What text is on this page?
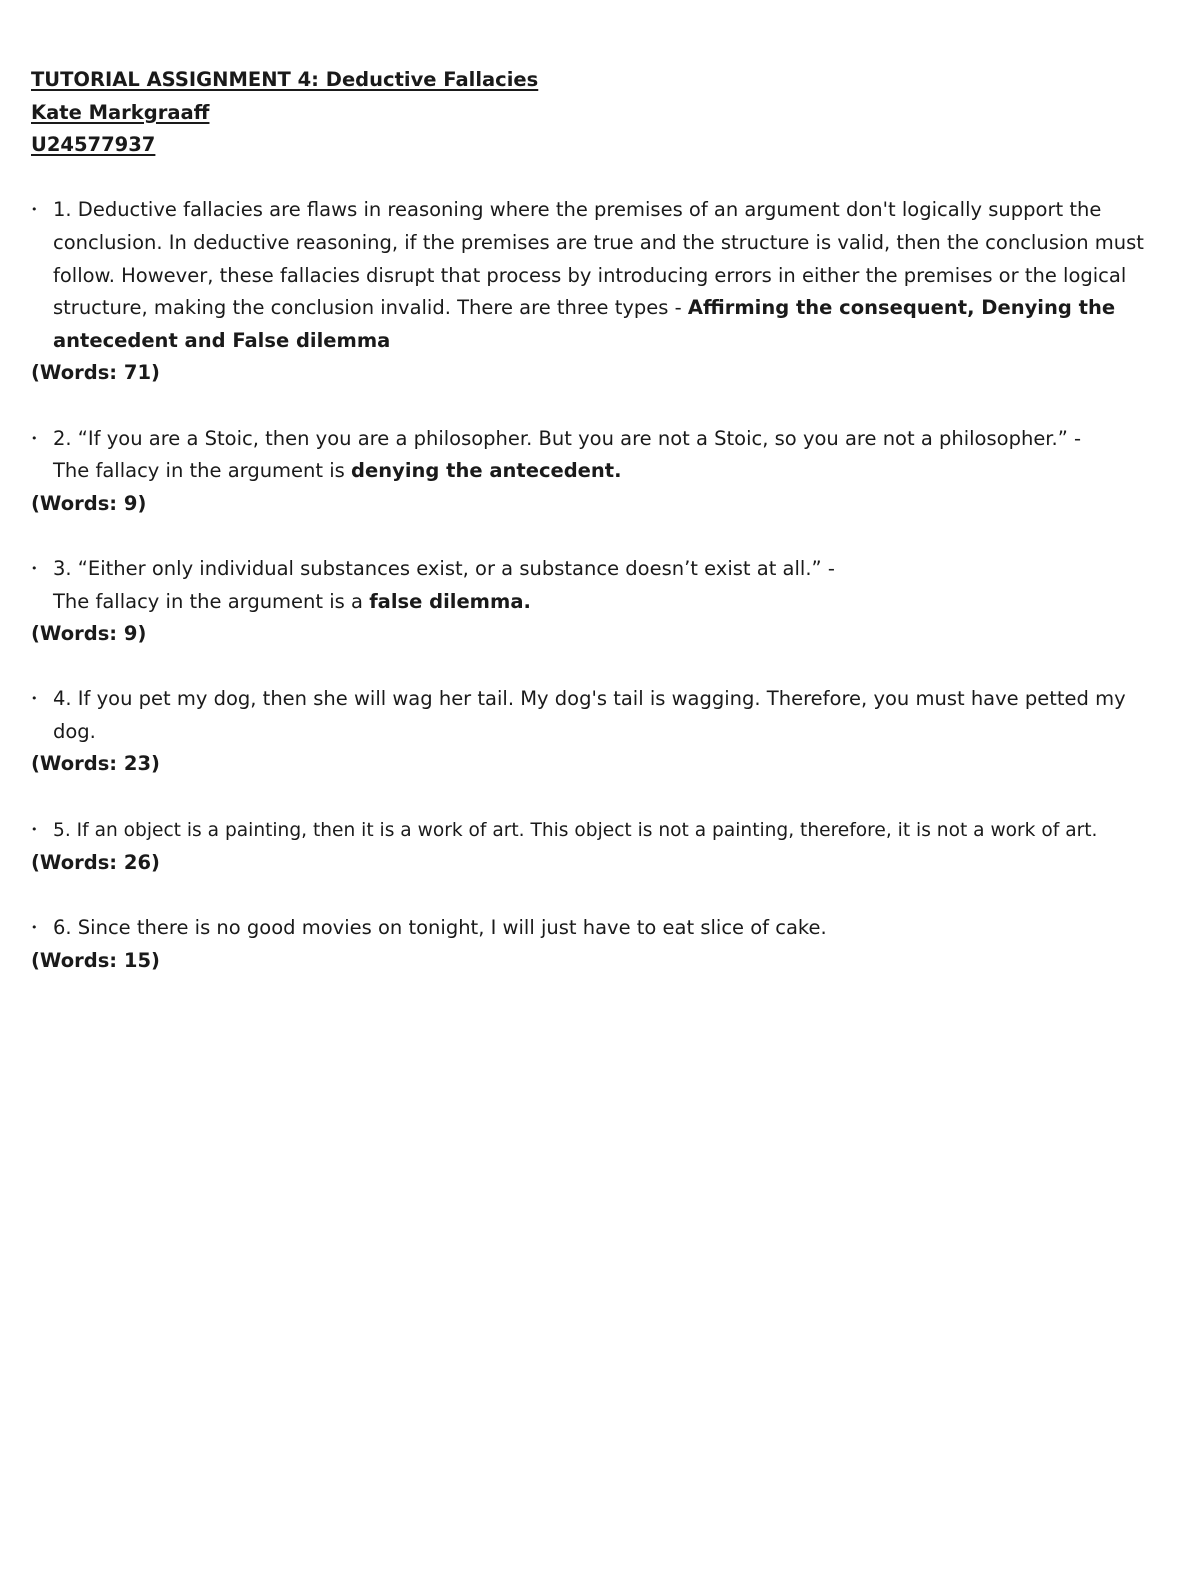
TUTORIAL ASSIGNMENT 4: Deductive Fallacies
Kate Markgraaff
U24577937
• 1. Deductive fallacies are flaws in reasoning where the premises of an argument don't logically support the conclusion. In deductive reasoning, if the premises are true and the structure is valid, then the conclusion must follow. However, these fallacies disrupt that process by introducing errors in either the premises or the logical structure, making the conclusion invalid. There are three types - Affirming the consequent, Denying the antecedent and False dilemma
(Words: 71)
• 2. “If you are a Stoic, then you are a philosopher. But you are not a Stoic, so you are not a philosopher.” -
The fallacy in the argument is denying the antecedent.
(Words: 9)
• 3. “Either only individual substances exist, or a substance doesn’t exist at all.” -
The fallacy in the argument is a false dilemma.
(Words: 9)
• 4. If you pet my dog, then she will wag her tail. My dog's tail is wagging. Therefore, you must have petted my dog.
(Words: 23)
• 5. If an object is a painting, then it is a work of art. This object is not a painting, therefore, it is not a work of art.
(Words: 26)
• 6. Since there is no good movies on tonight, I will just have to eat slice of cake.
(Words: 15)
